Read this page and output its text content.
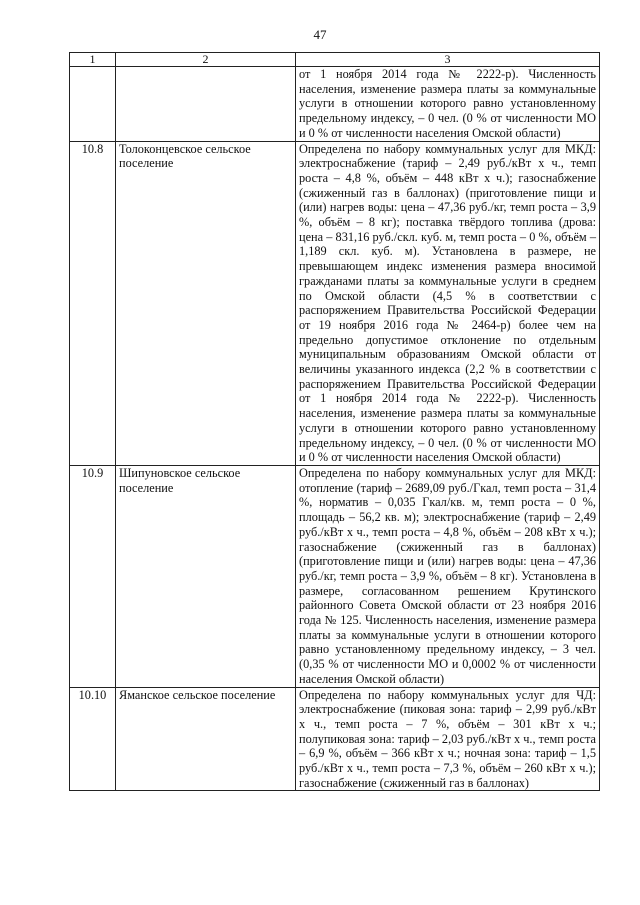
47
1	2	3
		от 1 ноября 2014 года № 2222-р). Численность населения, изменение размера платы за коммунальные услуги в отношении которого равно установленному предельному индексу, – 0 чел. (0 % от численности МО и 0 % от численности населения Омской области)
10.8	Толоконцевское сельское поселение	Определена по набору коммунальных услуг для МКД: электроснабжение (тариф – 2,49 руб./кВт х ч., темп роста – 4,8 %, объём – 448 кВт х ч.); газоснабжение (сжиженный газ в баллонах) (приготовление пищи и (или) нагрев воды: цена – 47,36 руб./кг, темп роста – 3,9 %, объём – 8 кг); поставка твёрдого топлива (дрова: цена – 831,16 руб./скл. куб. м, темп роста – 0 %, объём – 1,189 скл. куб. м). Установлена в размере, не превышающем индекс изменения размера вносимой гражданами платы за коммунальные услуги в среднем по Омской области (4,5 % в соответствии с распоряжением Правительства Российской Федерации от 19 ноября 2016 года № 2464-р) более чем на предельно допустимое отклонение по отдельным муниципальным образованиям Омской области от величины указанного индекса (2,2 % в соответствии с распоряжением Правительства Российской Федерации от 1 ноября 2014 года № 2222-р). Численность населения, изменение размера платы за коммунальные услуги в отношении которого равно установленному предельному индексу, – 0 чел. (0 % от численности МО и 0 % от численности населения Омской области)
10.9	Шипуновское сельское поселение	Определена по набору коммунальных услуг для МКД: отопление (тариф – 2689,09 руб./Гкал, темп роста – 31,4 %, норматив – 0,035 Гкал/кв. м, темп роста – 0 %, площадь – 56,2 кв. м); электроснабжение (тариф – 2,49 руб./кВт х ч., темп роста – 4,8 %, объём – 208 кВт х ч.); газоснабжение (сжиженный газ в баллонах) (приготовление пищи и (или) нагрев воды: цена – 47,36 руб./кг, темп роста – 3,9 %, объём – 8 кг). Установлена в размере, согласованном решением Крутинского районного Совета Омской области от 23 ноября 2016 года № 125. Численность населения, изменение размера платы за коммунальные услуги в отношении которого равно установленному предельному индексу, – 3 чел. (0,35 % от численности МО и 0,0002 % от численности населения Омской области)
10.10	Яманское сельское поселение	Определена по набору коммунальных услуг для ЧД: электроснабжение (пиковая зона: тариф – 2,99 руб./кВт х ч., темп роста – 7 %, объём – 301 кВт х ч.; полупиковая зона: тариф – 2,03 руб./кВт х ч., темп роста – 6,9 %, объём – 366 кВт х ч.; ночная зона: тариф – 1,5 руб./кВт х ч., темп роста – 7,3 %, объём – 260 кВт х ч.); газоснабжение (сжиженный газ в баллонах)
